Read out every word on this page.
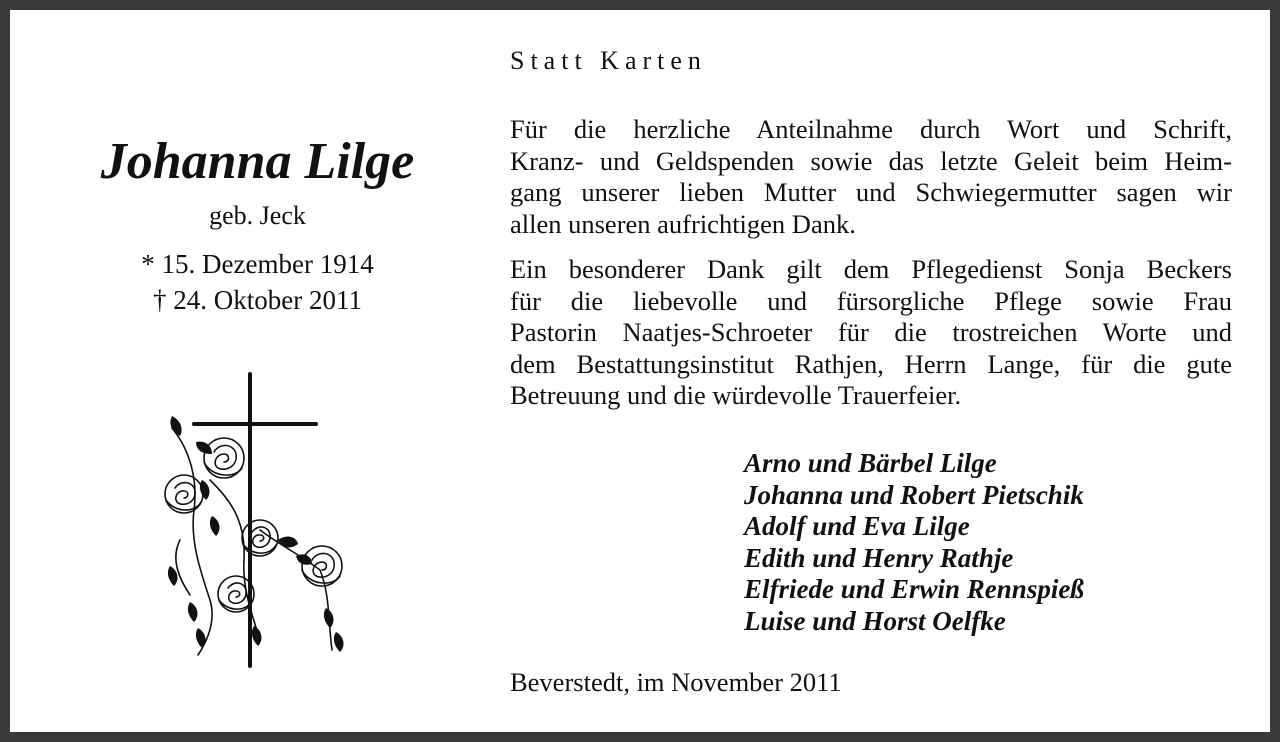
Johanna Lilge
geb. Jeck
* 15. Dezember 1914
† 24. Oktober 2011
Statt Karten
Für die herzliche Anteilnahme durch Wort und Schrift,
Kranz- und Geldspenden sowie das letzte Geleit beim Heim-
gang unserer lieben Mutter und Schwiegermutter sagen wir
allen unseren aufrichtigen Dank.
Ein besonderer Dank gilt dem Pflegedienst Sonja Beckers
für die liebevolle und fürsorgliche Pflege sowie Frau
Pastorin Naatjes-Schroeter für die trostreichen Worte und
dem Bestattungsinstitut Rathjen, Herrn Lange, für die gute
Betreuung und die würdevolle Trauerfeier.
Arno und Bärbel Lilge
Johanna und Robert Pietschik
Adolf und Eva Lilge
Edith und Henry Rathje
Elfriede und Erwin Rennspieß
Luise und Horst Oelfke
Beverstedt, im November 2011
